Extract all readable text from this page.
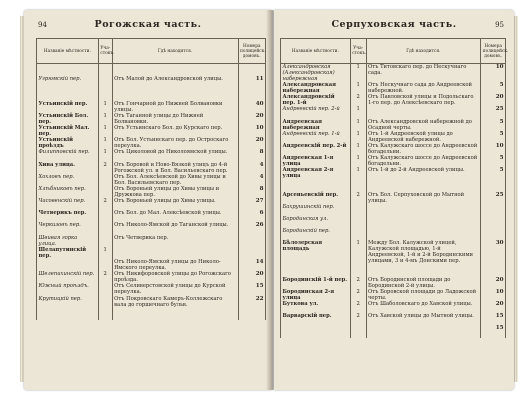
94	Рогожская часть.
Названіе мѣстности.	Уча-стокъ.	Гдѣ находится.	Номера полицейск. домовъ.

Угрюмскій пер.		Отъ Малой до Александровской улицы.	11

Устьинскій пер.	1	Отъ Гончарной до Нижней Болвановки улицы.	40
Устьинскій Бол. пер.	1	Отъ Таганной улицы до Нижней Болвановки.	20
Устьинскій Мал. пер.	1	Отъ Устьинскаго Бол. до Курскаго пер.	10
Устьинскій проѣздъ	1	Отъ Бол. Устьинскаго пер. до Остроскаго переулка.	20
Филипповскій пер.	1	Отъ Циколовой до Николоямской улицы.	8
Хива улица.	2	Отъ Боровой и Ново-Вязкой улицъ до 4-й Рогожской ул. и Бол. Васильевскаго пер.	4
Хохловъ пер.		Отъ Бол. Алексѣевской до Хивы улицы и Бол. Васильевскаго пер.	4
Хлѣбниковъ пер.		Отъ Вороньей улицы до Хивы улицы и Дружкова пер.	8
Часовенскій пер.	2	Отъ Вороньей улицы до Хивы улицы.	27
Четверикъ пер.		Отъ Бол. до Мал. Алексѣевской улицы.	6
Черкизовъ пер.		Отъ Николо-Ямской до Таганской улицы.	26
Швивая горка улица.		Отъ Четверика пер.	
Шелапутинскій пер.	1		
		Отъ Николо-Ямской улицы до Николо-Ямского переулка.	14
Шелепихинскій пер.	2	Отъ Никифоровской улицы до Рогожскаго проѣзда.	20
Южный проѣздъ.		Отъ Селивеpстовской улицы до Курской переулка.	15
Крутицкій пер.		Отъ Покровскаго Камеръ-Коллежскаго вала до горшечнаго бульв.	22

Серпуховская часть.	95
Названіе мѣстности.	Уча-стокъ.	Гдѣ находится.	Номера полицейск. домовъ.
Александровская (Александровская) набережная	1	Отъ Титовскаго пер. до Нескучнаго сада.	10
Александровская набережная	1	Отъ Нескучнаго сада до Андреевской набережной.	5
Александровскій пер. 1-й	2	Отъ Павловской улицы и Подольскаго 1-го пер. до Алексѣевскаго пер.	20
Андреевскій пер. 2-й	1		25
Андреевская набережная	1	Отъ Александровской набережной до Осадной черты.	5
Андреевскій пер. 1-й	1	Отъ 1-й Андреевской улицы до Андреевской набережной.	5
Андреевскій пер. 2-й	1	Отъ Калужскаго шоссе до Андреевской богадельни.	10
Андреевская 1-я улица	1	Отъ Калужскаго шоссе до Андреевской богадельни.	5
Андреевская 2-я улица	1	Отъ 1-й до 2-й Андреевской улицы.	5

Арсеньевскій пер.	2	Отъ Бол. Серпуховской до Мытной улицы.	25
Бахрушинскій пер.			
Бородинская ул.			
Бородинскій пер.			
Бѣлозерская площадь	1	Между Бол. Калужской улицей, Калужской площадью, 1-й Андреевской, 1-й и 2-й Бородинскими улицами, 3 и 4-мъ Донскими пер.	30

Бородинскій 1-й пер.	2	Отъ Бородинской площади до Бородинской 2-й улицы.	20
Бородинская 2-я улица	2	Отъ Боровской площади до Ладожской черты.	10
Буткова ул.	2	Отъ Шаболовскаго до Хавской улицы.	20
Варварскій пер.	2	Отъ Хавской улицы до Мытной улицы.	15
			15
